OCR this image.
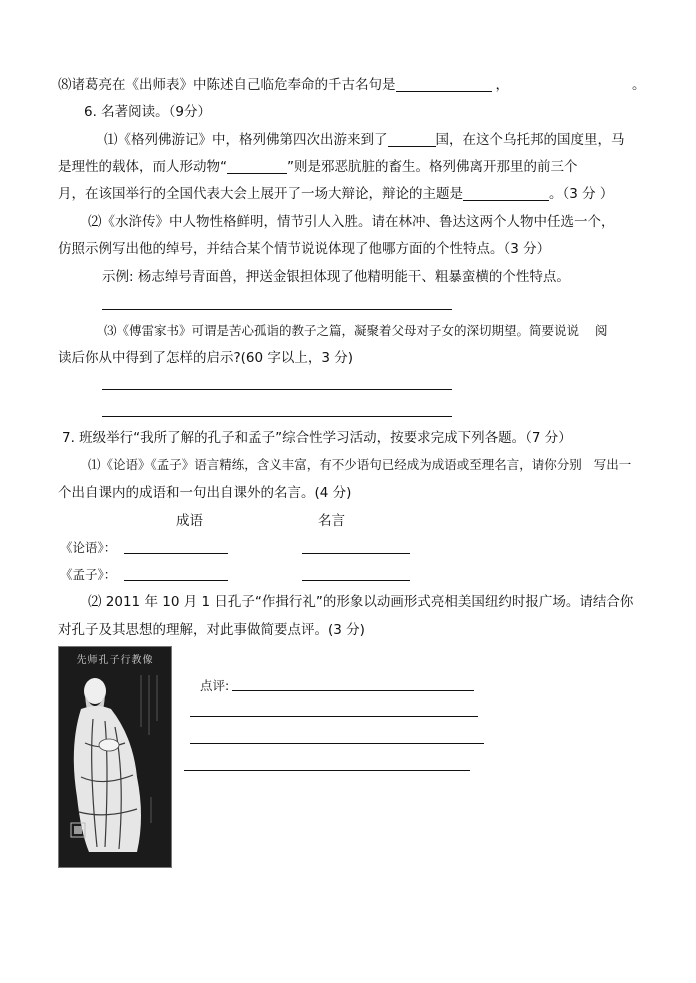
⑻诸葛亮在《出师表》中陈述自己临危奉命的千古名句是	，	。
6. 名著阅读。（9分）
⑴《格列佛游记》中，格列佛第四次出游来到了	国，在这个乌托邦的国度里，马
是理性的载体，而人形动物“	”则是邪恶肮脏的畜生。格列佛离开那里的前三个
月，在该国举行的全国代表大会上展开了一场大辩论，辩论的主题是	。（3 分 ）
⑵《水浒传》中人物性格鲜明，情节引人入胜。请在林冲、鲁达这两个人物中任选一个，
仿照示例写出他的绰号，并结合某个情节说说体现了他哪方面的个性特点。（3 分）
示例: 杨志绰号青面兽，押送金银担体现了他精明能干、粗暴蛮横的个性特点。
⑶《傅雷家书》可谓是苦心孤诣的教子之篇，凝聚着父母对子女的深切期望。简要说说 阅
读后你从中得到了怎样的启示?(60 字以上，3 分)
7. 班级举行“我所了解的孔子和孟子”综合性学习活动，按要求完成下列各题。（7 分）
⑴《论语》《孟子》语言精练，含义丰富，有不少语句已经成为成语或至理名言，请你分别 写出一
个出自课内的成语和一句出自课外的名言。(4 分)
成语	名言
《论语》：
《孟子》：
⑵ 2011 年 10 月 1 日孔子“作揖行礼”的形象以动画形式亮相美国纽约时报广场。请结合你
对孔子及其思想的理解，对此事做简要点评。(3 分)
先师孔子行教像
点评:
